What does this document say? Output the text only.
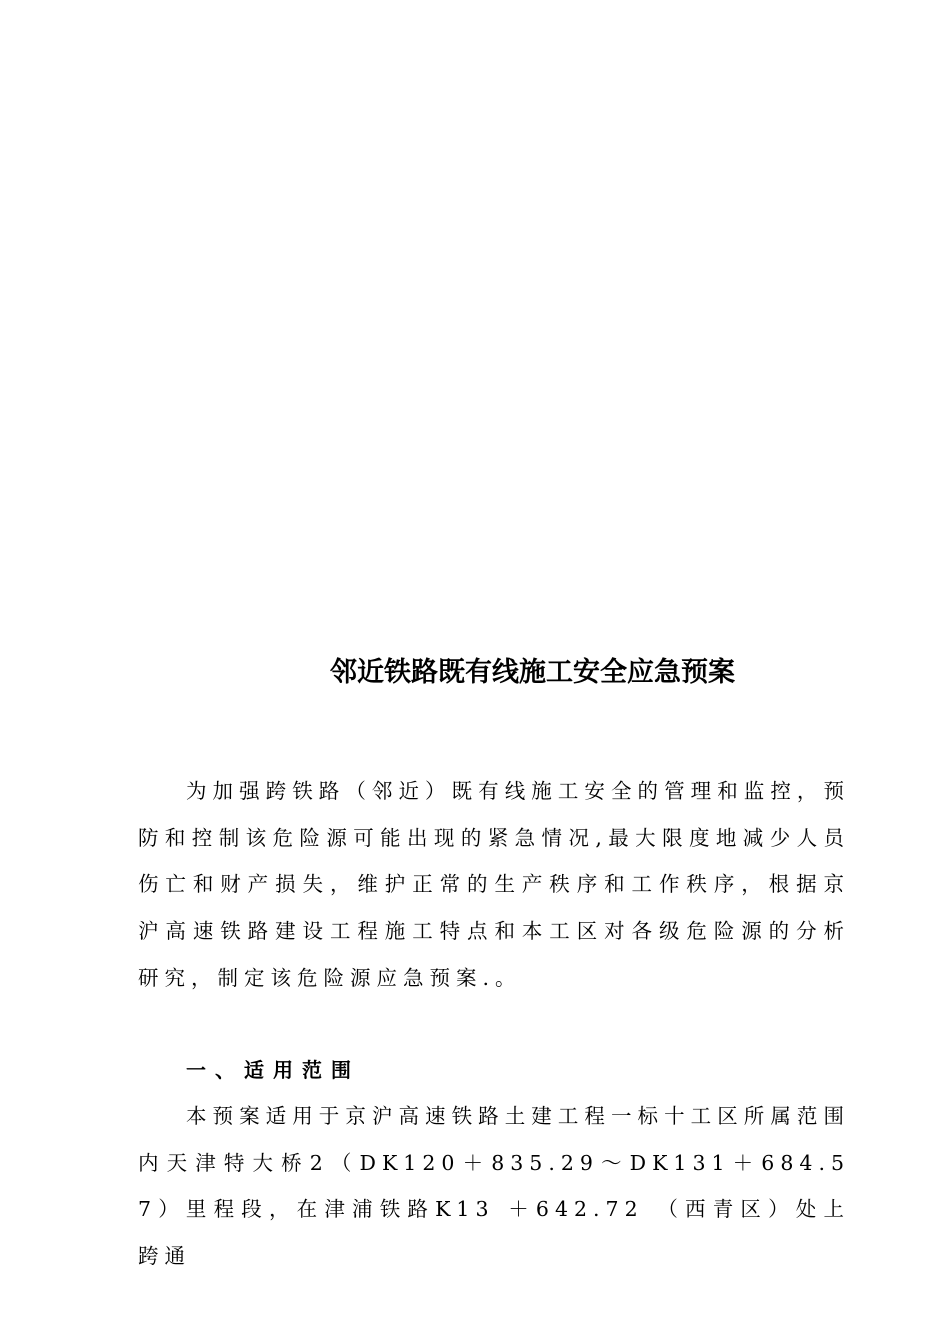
邻近铁路既有线施工安全应急预案

为加强跨铁路（邻近）既有线施工安全的管理和监控，预防和控制该危险源可能出现的紧急情况,最大限度地减少人员伤亡和财产损失，维护正常的生产秩序和工作秩序，根据京沪高速铁路建设工程施工特点和本工区对各级危险源的分析研究，制定该危险源应急预案.。

一、适用范围

本预案适用于京沪高速铁路土建工程一标十工区所属范围内天津特大桥2（DK120＋835.29～DK131＋684.57）里程段，在津浦铁路K13 ＋642.72 （西青区）处上跨通
